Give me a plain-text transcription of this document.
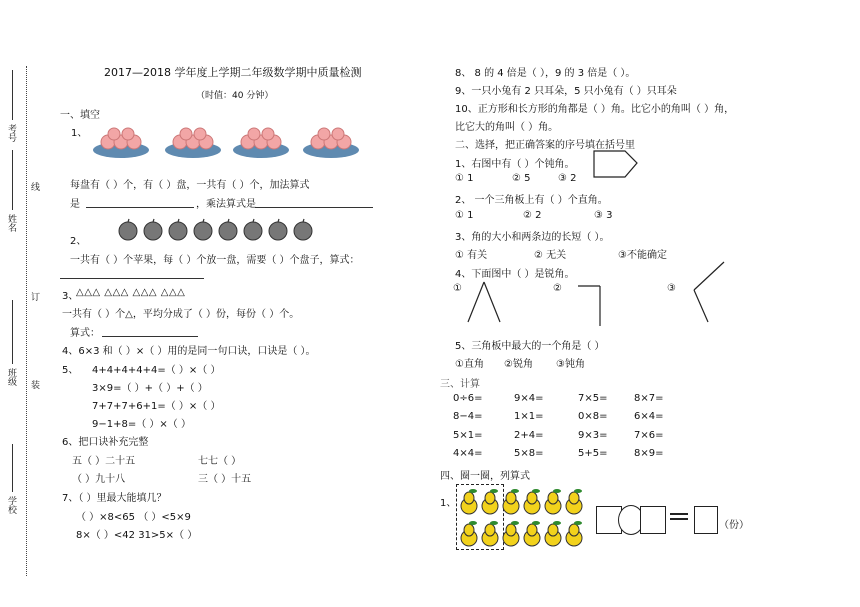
考号
线
姓名
订
班级 装
学校
2017—2018 学年度上学期二年级数学期中质量检测
（时值：40 分钟）
一、填空
1、
每盘有（ ）个，有（ ）盘，一共有（ ）个，加法算式
是	，乘法算式是
2、
一共有（ ）个苹果，每（ ）个放一盘，需要（ ）个盘子，算式：
3、
△△△ △△△ △△△ △△△
一共有（ ）个△，平均分成了（ ）份，每份（ ）个。
算式：
4、6×3 和（ ）×（ ）用的是同一句口诀，口诀是（ ）。
5、 4+4+4+4+4=（ ）×（ ）
3×9=（ ）+（ ）+（ ）
7+7+7+6+1=（ ）×（ ）
9−1+8=（ ）×（ ）
6、把口诀补充完整
五（ ）二十五	七七（ ）
（ ）九十八	三（ ）十五
7、（ ）里最大能填几？
（ ）×8<65 （ ）<5×9
8×（ ）<42 31>5×（ ）
8、 8 的 4 倍是（ ），9 的 3 倍是（ ）。
9、一只小兔有 2 只耳朵，5 只小兔有（ ）只耳朵
10、正方形和长方形的角都是（ ）角。比它小的角叫（ ）角，
比它大的角叫（ ）角。
二、选择，把正确答案的序号填在括号里
1、右图中有（ ）个钝角。
① 1	② 5	③ 2
2、 一个三角板上有（ ）个直角。
① 1	② 2	③ 3
3、角的大小和两条边的长短（ ）。
① 有关	② 无关	③不能确定
4、下面图中（ ）是锐角。
①	②	③
5、三角板中最大的一个角是（ ）
①直角 ②锐角 ③钝角
三、计算
0÷6=	9×4=	7×5=	8×7=
8−4=	1×1=	0×8=	6×4=
5×1=	2+4=	9×3=	7×6=
4×4=	5×8=	5+5=	8×9=
四、圈一圈，列算式
1、
（份）
